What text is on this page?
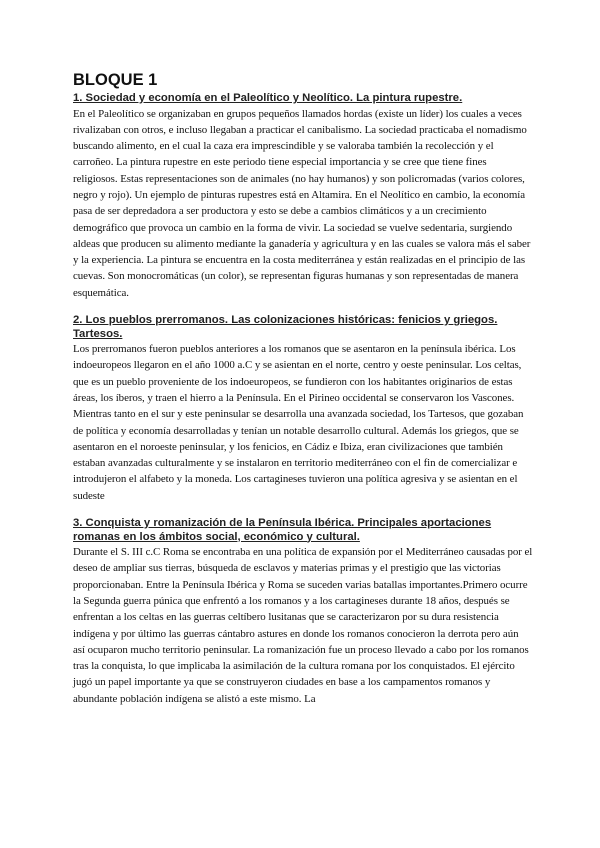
BLOQUE 1
1. Sociedad y economía en el Paleolítico y Neolítico. La pintura rupestre.

En el Paleolítico se organizaban en grupos pequeños llamados hordas (existe un líder) los cuales a veces rivalizaban con otros, e incluso llegaban a practicar el canibalismo. La sociedad practicaba el nomadismo buscando alimento, en el cual la caza era imprescindible y se valoraba también la recolección y el carroñeo. La pintura rupestre en este periodo tiene especial importancia y se cree que tiene fines religiosos. Estas representaciones son de animales (no hay humanos) y son policromadas (varios colores, negro y rojo). Un ejemplo de pinturas rupestres está en Altamira. En el Neolítico en cambio, la economía pasa de ser depredadora a ser productora y esto se debe a cambios climáticos y a un crecimiento demográfico que provoca un cambio en la forma de vivir. La sociedad se vuelve sedentaria, surgiendo aldeas que producen su alimento mediante la ganadería y agricultura y en las cuales se valora más el saber y la experiencia. La pintura se encuentra en la costa mediterránea y están realizadas en el principio de las cuevas. Son monocromáticas (un color), se representan figuras humanas y son representadas de manera esquemática.

2. Los pueblos prerromanos. Las colonizaciones históricas: fenicios y griegos. Tartesos.

Los prerromanos fueron pueblos anteriores a los romanos que se asentaron en la península ibérica. Los indoeuropeos llegaron en el año 1000 a.C y se asientan en el norte, centro y oeste peninsular. Los celtas, que es un pueblo proveniente de los indoeuropeos, se fundieron con los habitantes originarios de estas áreas, los íberos, y traen el hierro a la Península. En el Pirineo occidental se conservaron los Vascones.

Mientras tanto en el sur y este peninsular se desarrolla una avanzada sociedad, los Tartesos, que gozaban de política y economía desarrolladas y tenían un notable desarrollo cultural. Además los griegos, que se asentaron en el noroeste peninsular, y los fenicios, en Cádiz e Ibiza, eran civilizaciones que también estaban avanzadas culturalmente y se instalaron en territorio mediterráneo con el fin de comercializar e introdujeron el alfabeto y la moneda. Los cartagineses tuvieron una política agresiva y se asientan en el sudeste

3. Conquista y romanización de la Península Ibérica. Principales aportaciones romanas en los ámbitos social, económico y cultural.

Durante el S. III c.C Roma se encontraba en una política de expansión por el Mediterráneo causadas por el deseo de ampliar sus tierras, búsqueda de esclavos y materias primas y el prestigio que las victorias proporcionaban. Entre la Península Ibérica y Roma se suceden varias batallas importantes.Primero ocurre la Segunda guerra púnica que enfrentó a los romanos y a los cartagineses durante 18 años, después se enfrentan a los celtas en las guerras celtíbero lusitanas que se caracterizaron por su dura resistencia indígena y por último las guerras cántabro astures en donde los romanos conocieron la derrota pero aún así ocuparon mucho territorio peninsular. La romanización fue un proceso llevado a cabo por los romanos tras la conquista, lo que implicaba la asimilación de la cultura romana por los conquistados. El ejército jugó un papel importante ya que se construyeron ciudades en base a los campamentos romanos y abundante población indígena se alistó a este mismo. La
